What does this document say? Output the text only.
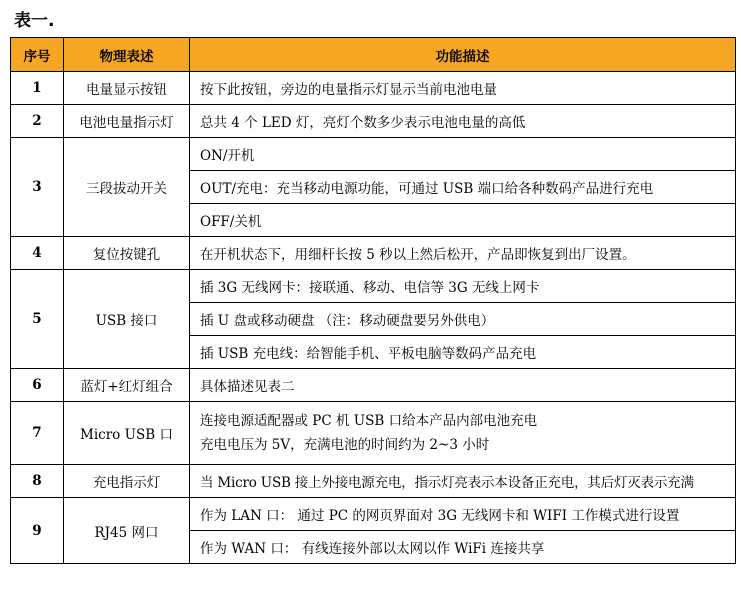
表一.
序号	物理表述	功能描述
1	电量显示按钮	按下此按钮，旁边的电量指示灯显示当前电池电量
2	电池电量指示灯	总共 4 个 LED 灯，亮灯个数多少表示电池电量的高低
3	三段拔动开关	ON/开机
		OUT/充电：充当移动电源功能，可通过 USB 端口给各种数码产品进行充电
		OFF/关机
4	复位按键孔	在开机状态下，用细杆长按 5 秒以上然后松开，产品即恢复到出厂设置。
5	USB 接口	插 3G 无线网卡：接联通、移动、电信等 3G 无线上网卡
		插 U 盘或移动硬盘 （注：移动硬盘要另外供电）
		插 USB 充电线：给智能手机、平板电脑等数码产品充电
6	蓝灯+红灯组合	具体描述见表二
7	Micro USB 口	连接电源适配器或 PC 机 USB 口给本产品内部电池充电
充电电压为 5V，充满电池的时间约为 2~3 小时

8	充电指示灯	当 Micro USB 接上外接电源充电，指示灯亮表示本设备正充电，其后灯灭表示充满
9	RJ45 网口	作为 LAN 口： 通过 PC 的网页界面对 3G 无线网卡和 WIFI 工作模式进行设置
		作为 WAN 口： 有线连接外部以太网以作 WiFi 连接共享
